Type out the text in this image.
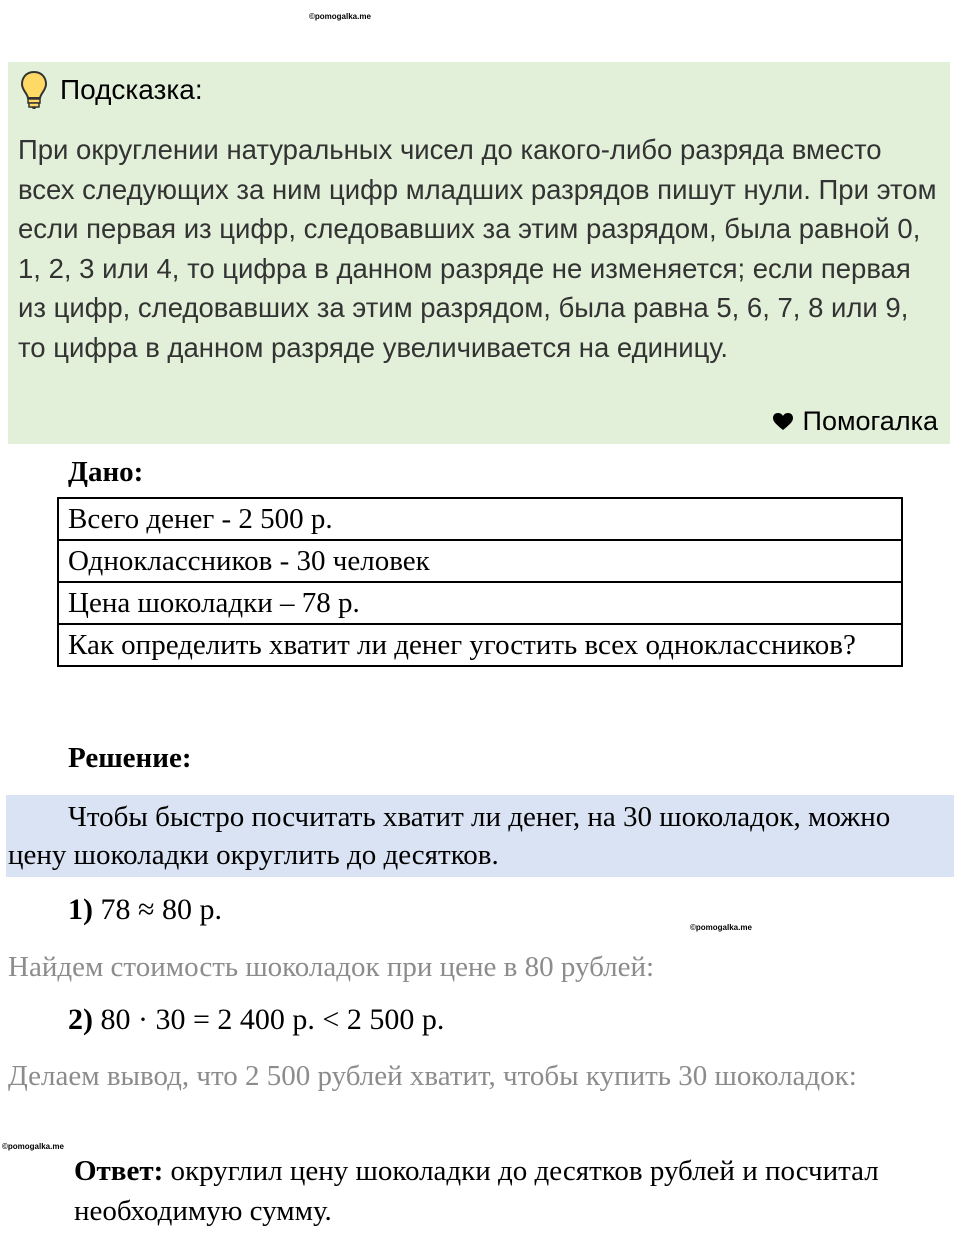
©pomogalka.me
Подсказка:
При округлении натуральных чисел до какого-либо разряда вместо всех следующих за ним цифр младших разрядов пишут нули. При этом если первая из цифр, следовавших за этим разрядом, была равной 0, 1, 2, 3 или 4, то цифра в данном разряде не изменяется; если первая из цифр, следовавших за этим разрядом, была равна 5, 6, 7, 8 или 9, то цифра в данном разряде увеличивается на единицу.
Помогалка
Дано:
Всего денег - 2 500 р.
Одноклассников - 30 человек
Цена шоколадки – 78 р.
Как определить хватит ли денег угостить всех одноклассников?
Решение:
Чтобы быстро посчитать хватит ли денег, на 30 шоколадок, можно цену шоколадки округлить до десятков.
1) 78 ≈ 80 р.
©pomogalka.me
Найдем стоимость шоколадок при цене в 80 рублей:
2) 80 · 30 = 2 400 р. < 2 500 р.
Делаем вывод, что 2 500 рублей хватит, чтобы купить 30 шоколадок:
©pomogalka.me
Ответ: округлил цену шоколадки до десятков рублей и посчитал необходимую сумму.
